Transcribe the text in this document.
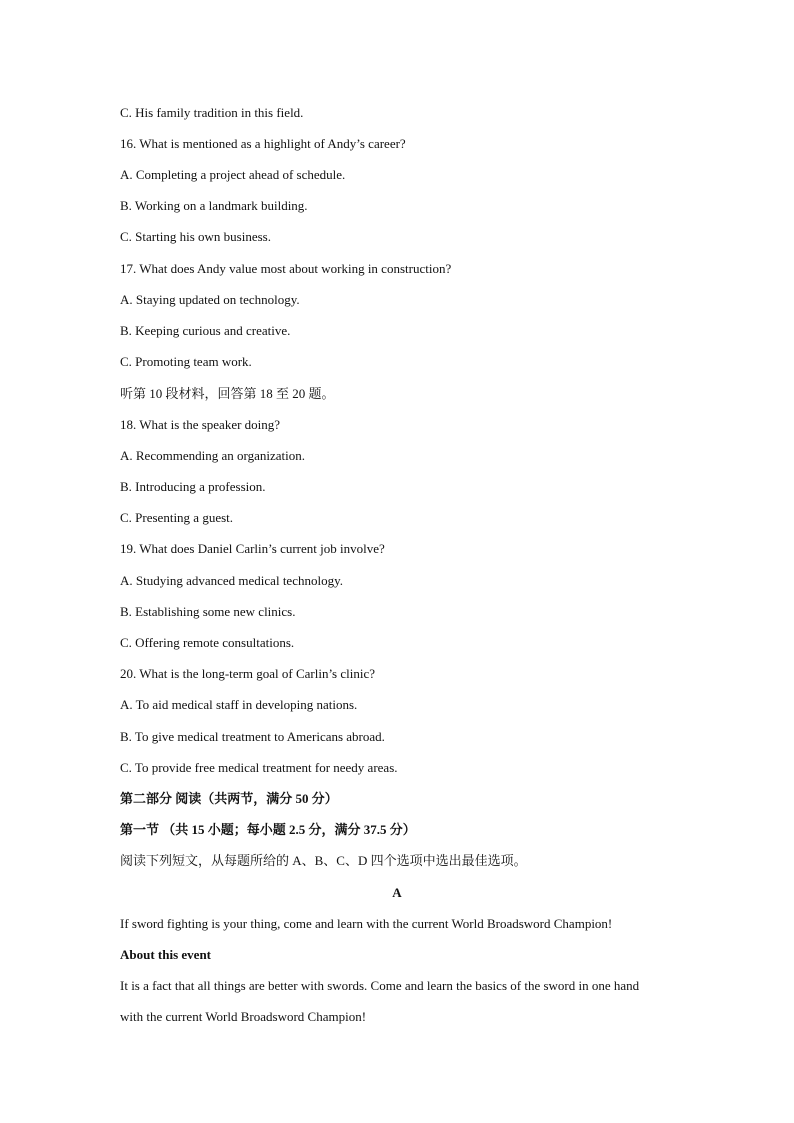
C. His family tradition in this field.
16. What is mentioned as a highlight of Andy’s career?
A. Completing a project ahead of schedule.
B. Working on a landmark building.
C. Starting his own business.
17. What does Andy value most about working in construction?
A. Staying updated on technology.
B. Keeping curious and creative.
C. Promoting team work.
听第 10 段材料，回答第 18 至 20 题。
18. What is the speaker doing?
A. Recommending an organization.
B. Introducing a profession.
C. Presenting a guest.
19. What does Daniel Carlin’s current job involve?
A. Studying advanced medical technology.
B. Establishing some new clinics.
C. Offering remote consultations.
20. What is the long-term goal of Carlin’s clinic?
A. To aid medical staff in developing nations.
B. To give medical treatment to Americans abroad.
C. To provide free medical treatment for needy areas.
第二部分 阅读（共两节，满分 50 分）
第一节 （共 15 小题；每小题 2.5 分，满分 37.5 分）
阅读下列短文，从每题所给的 A、B、C、D 四个选项中选出最佳选项。
A
If sword fighting is your thing, come and learn with the current World Broadsword Champion!
About this event
It is a fact that all things are better with swords. Come and learn the basics of the sword in one hand
with the current World Broadsword Champion!
